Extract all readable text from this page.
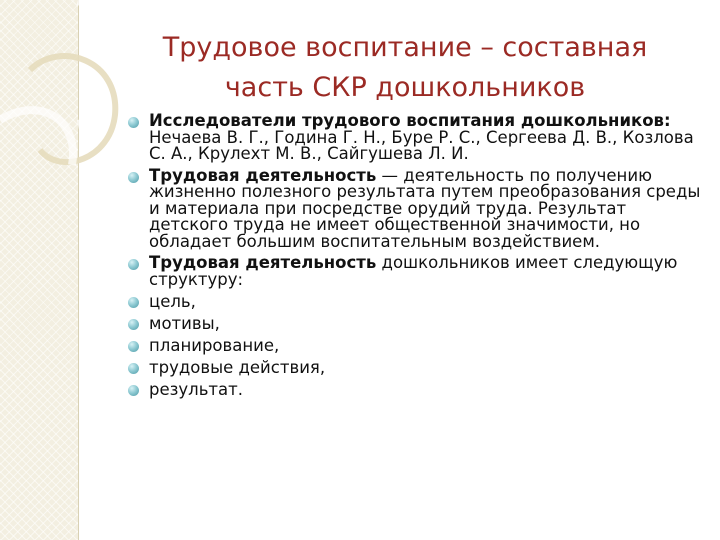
Трудовое воспитание – составная
часть СКР дошкольников
Исследователи трудового воспитания дошкольников: Нечаева В. Г., Година Г. Н., Буре Р. С., Сергеева Д. В., Козлова С. А., Крулехт М. В., Сайгушева Л. И.
Трудовая деятельность — деятельность по получению жизненно полезного результата путем преобразования среды и материала при посредстве орудий труда. Результат детского труда не имеет общественной значимости, но обладает большим воспитательным воздействием.
Трудовая деятельность дошкольников имеет следующую структуру:
цель,
мотивы,
планирование,
трудовые действия,
результат.
